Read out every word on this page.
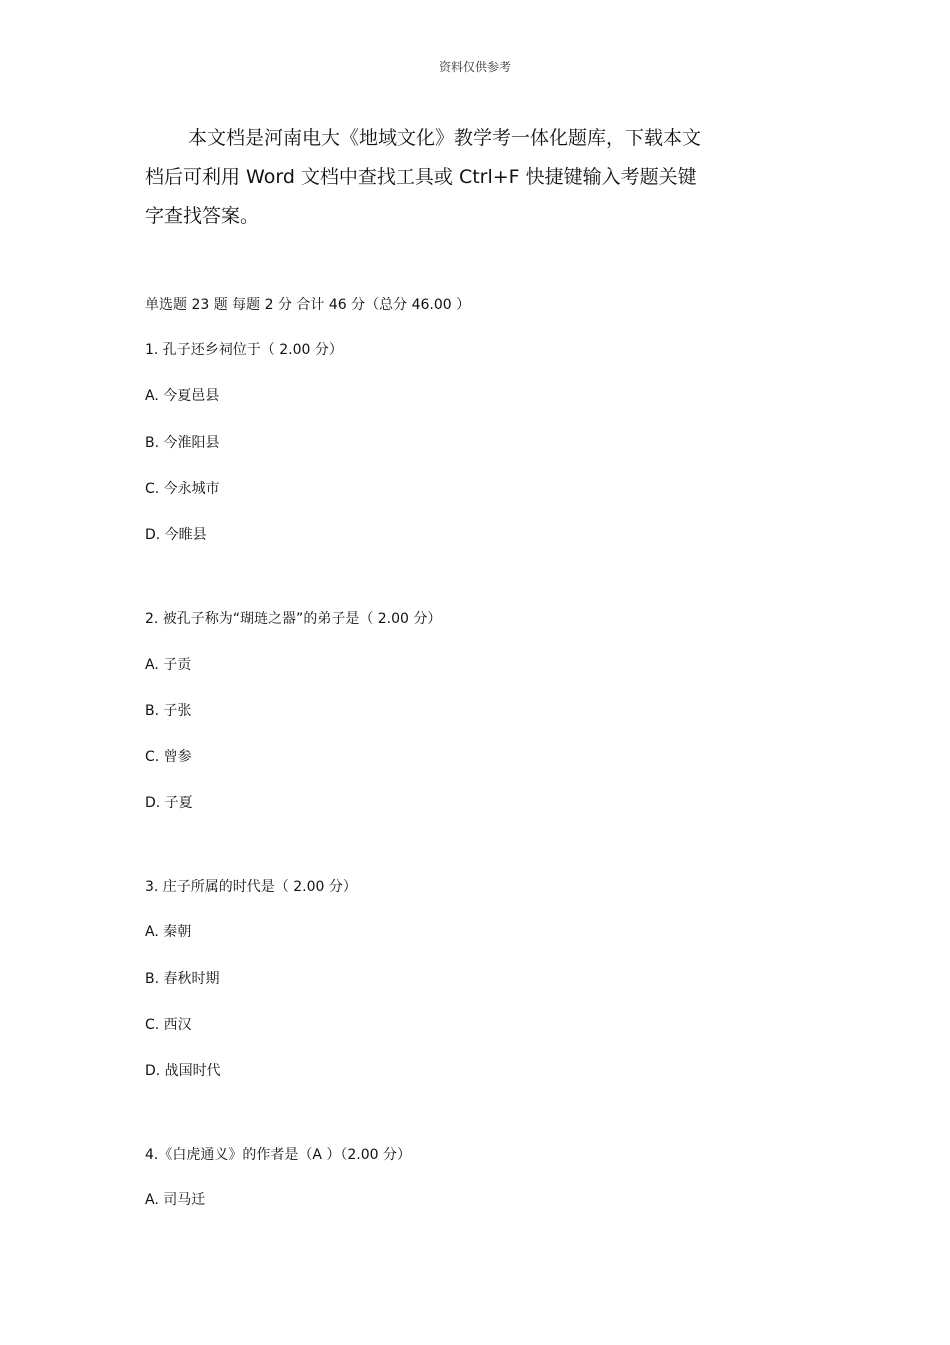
资料仅供参考
本文档是河南电大《地域文化》教学考一体化题库，下载本文
档后可利用 Word 文档中查找工具或 Ctrl+F 快捷键输入考题关键
字查找答案。
单选题 23 题 每题 2 分 合计 46 分（总分 46.00 ）
1. 孔子还乡祠位于（ 2.00 分）
A. 今夏邑县
B. 今淮阳县
C. 今永城市
D. 今睢县
2. 被孔子称为“瑚琏之器”的弟子是（ 2.00 分）
A. 子贡
B. 子张
C. 曾参
D. 子夏
3. 庄子所属的时代是（ 2.00 分）
A. 秦朝
B. 春秋时期
C. 西汉
D. 战国时代
4.《白虎通义》的作者是（A ）（2.00 分）
A. 司马迁
